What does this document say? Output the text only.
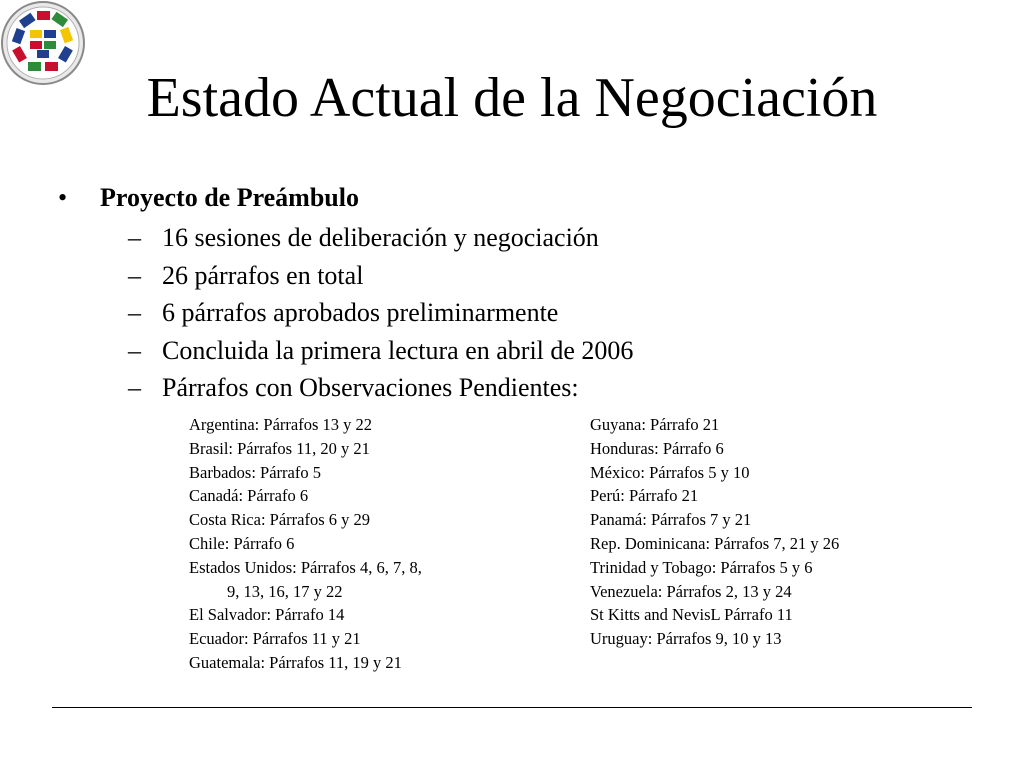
Estado Actual de la Negociación
• Proyecto de Preámbulo
– 16 sesiones de deliberación y negociación
– 26 párrafos en total
– 6 párrafos aprobados preliminarmente
– Concluida la primera lectura en abril de 2006
– Párrafos con Observaciones Pendientes:
Argentina: Párrafos 13 y 22
Brasil: Párrafos 11, 20 y 21
Barbados: Párrafo 5
Canadá: Párrafo 6
Costa Rica: Párrafos 6 y 29
Chile: Párrafo 6
Estados Unidos: Párrafos 4, 6, 7, 8,
9, 13, 16, 17 y 22
El Salvador: Párrafo 14
Ecuador: Párrafos 11 y 21
Guatemala: Párrafos 11, 19 y 21
Guyana: Párrafo 21
Honduras: Párrafo 6
México: Párrafos 5 y 10
Perú: Párrafo 21
Panamá: Párrafos 7 y 21
Rep. Dominicana: Párrafos 7, 21 y 26
Trinidad y Tobago: Párrafos 5 y 6
Venezuela: Párrafos 2, 13 y 24
St Kitts and NevisL Párrafo 11
Uruguay: Párrafos 9, 10 y 13
